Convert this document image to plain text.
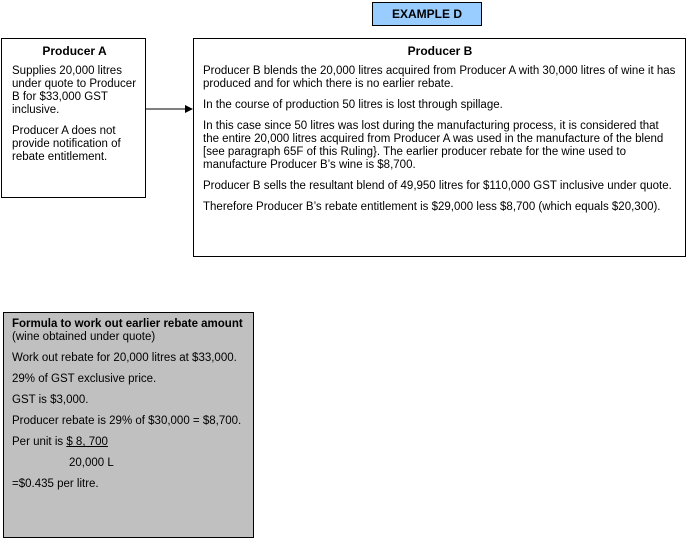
EXAMPLE D
Producer A

Supplies 20,000 litres under quote to Producer B for $33,000 GST inclusive.

Producer A does not provide notification of rebate entitlement.

Producer B

Producer B blends the 20,000 litres acquired from Producer A with 30,000 litres of wine it has produced and for which there is no earlier rebate.

In the course of production 50 litres is lost through spillage.

In this case since 50 litres was lost during the manufacturing process, it is considered that the entire 20,000 litres acquired from Producer A was used in the manufacture of the blend [see paragraph 65F of this Ruling}. The earlier producer rebate for the wine used to manufacture Producer B’s wine is $8,700.

Producer B sells the resultant blend of 49,950 litres for $110,000 GST inclusive under quote.

Therefore Producer B’s rebate entitlement is $29,000 less $8,700 (which equals $20,300).

Formula to work out earlier rebate amount (wine obtained under quote)

Work out rebate for 20,000 litres at $33,000.

29% of GST exclusive price.

GST is $3,000.

Producer rebate is 29% of $30,000 = $8,700.

Per unit is $ 8, 700

20,000 L

=$0.435 per litre.
